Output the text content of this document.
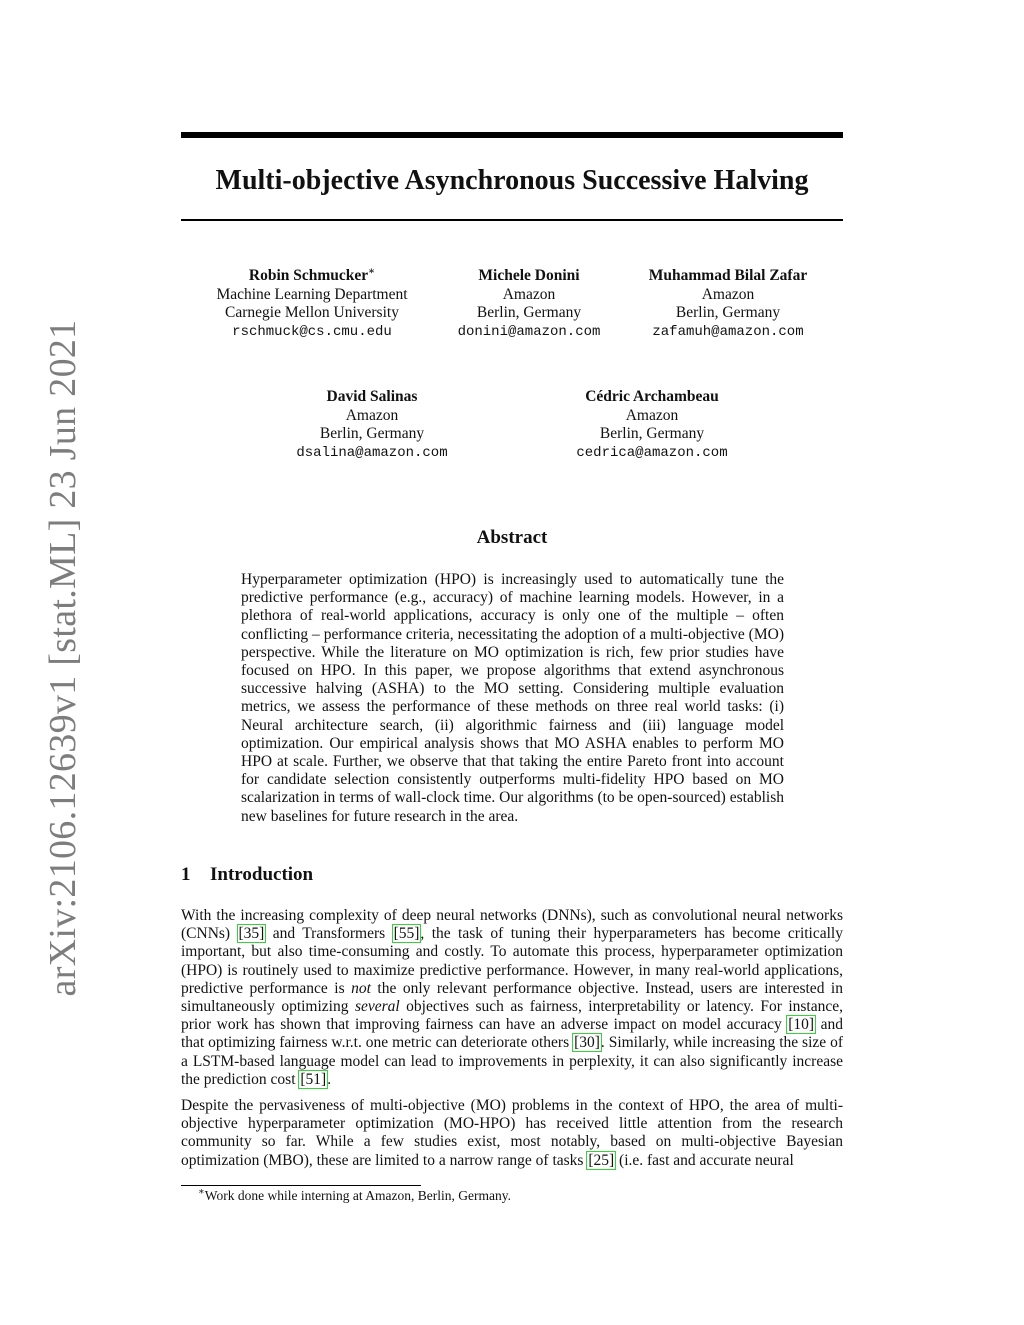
arXiv:2106.12639v1 [stat.ML] 23 Jun 2021
Multi-objective Asynchronous Successive Halving
Robin Schmucker∗
Machine Learning Department
Carnegie Mellon University
rschmuck@cs.cmu.edu
Michele Donini
Amazon
Berlin, Germany
donini@amazon.com
Muhammad Bilal Zafar
Amazon
Berlin, Germany
zafamuh@amazon.com
David Salinas
Amazon
Berlin, Germany
dsalina@amazon.com
Cédric Archambeau
Amazon
Berlin, Germany
cedrica@amazon.com
Abstract
Hyperparameter optimization (HPO) is increasingly used to automatically tune the predictive performance (e.g., accuracy) of machine learning models. However, in a plethora of real-world applications, accuracy is only one of the multiple – often conflicting – performance criteria, necessitating the adoption of a multi-objective (MO) perspective. While the literature on MO optimization is rich, few prior studies have focused on HPO. In this paper, we propose algorithms that extend asynchronous successive halving (ASHA) to the MO setting. Considering multiple evaluation metrics, we assess the performance of these methods on three real world tasks: (i) Neural architecture search, (ii) algorithmic fairness and (iii) language model optimization. Our empirical analysis shows that MO ASHA enables to perform MO HPO at scale. Further, we observe that that taking the entire Pareto front into account for candidate selection consistently outperforms multi-fidelity HPO based on MO scalarization in terms of wall-clock time. Our algorithms (to be open-sourced) establish new baselines for future research in the area.
1 Introduction

With the increasing complexity of deep neural networks (DNNs), such as convolutional neural networks (CNNs) [35] and Transformers [55], the task of tuning their hyperparameters has become critically important, but also time-consuming and costly. To automate this process, hyperparameter optimization (HPO) is routinely used to maximize predictive performance. However, in many real-world applications, predictive performance is not the only relevant performance objective. Instead, users are interested in simultaneously optimizing several objectives such as fairness, interpretability or latency. For instance, prior work has shown that improving fairness can have an adverse impact on model accuracy [10] and that optimizing fairness w.r.t. one metric can deteriorate others [30]. Similarly, while increasing the size of a LSTM-based language model can lead to improvements in perplexity, it can also significantly increase the prediction cost [51].

Despite the pervasiveness of multi-objective (MO) problems in the context of HPO, the area of multi-objective hyperparameter optimization (MO-HPO) has received little attention from the research community so far. While a few studies exist, most notably, based on multi-objective Bayesian optimization (MBO), these are limited to a narrow range of tasks [25] (i.e. fast and accurate neural

∗Work done while interning at Amazon, Berlin, Germany.
